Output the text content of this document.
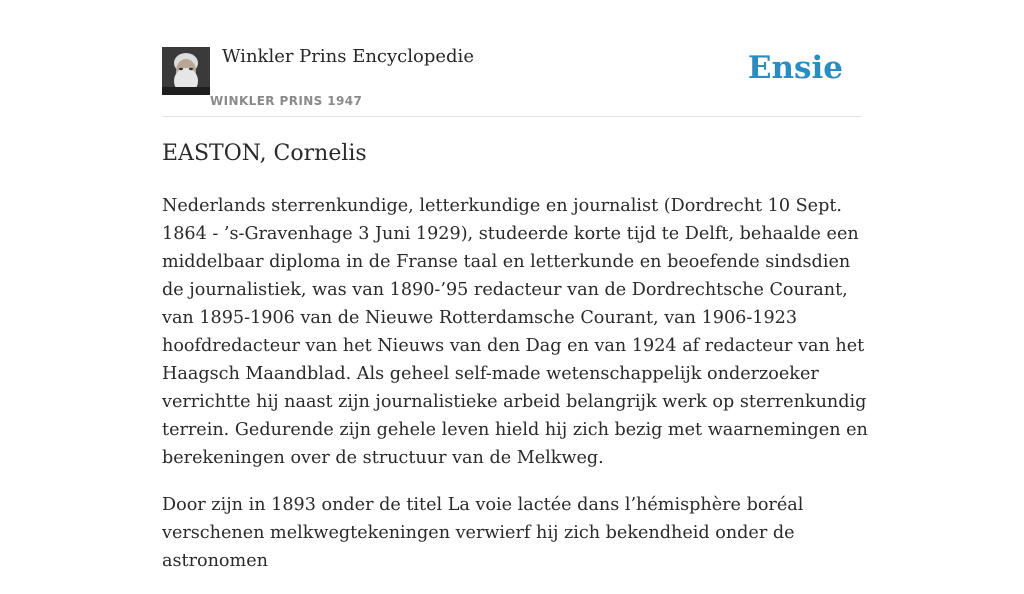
Winkler Prins Encyclopedie
WINKLER PRINS 1947
Ensie
EASTON, Cornelis

Nederlands sterrenkundige, letterkundige en journalist (Dordrecht 10 Sept. 1864 - ’s-Gravenhage 3 Juni 1929), studeerde korte tijd te Delft, behaalde een middelbaar diploma in de Franse taal en letterkunde en beoefende sindsdien de journalistiek, was van 1890-’95 redacteur van de Dordrechtsche Courant, van 1895-1906 van de Nieuwe Rotterdamsche Courant, van 1906-1923 hoofdredacteur van het Nieuws van den Dag en van 1924 af redacteur van het Haagsch Maandblad. Als geheel self-made wetenschappelijk onderzoeker verrichtte hij naast zijn journalistieke arbeid belangrijk werk op sterrenkundig terrein. Gedurende zijn gehele leven hield hij zich bezig met waarnemingen en berekeningen over de structuur van de Melkweg.

Door zijn in 1893 onder de titel La voie lactée dans l’hémisphère boréal verschenen melkwegtekeningen verwierf hij zich bekendheid onder de astronomen
